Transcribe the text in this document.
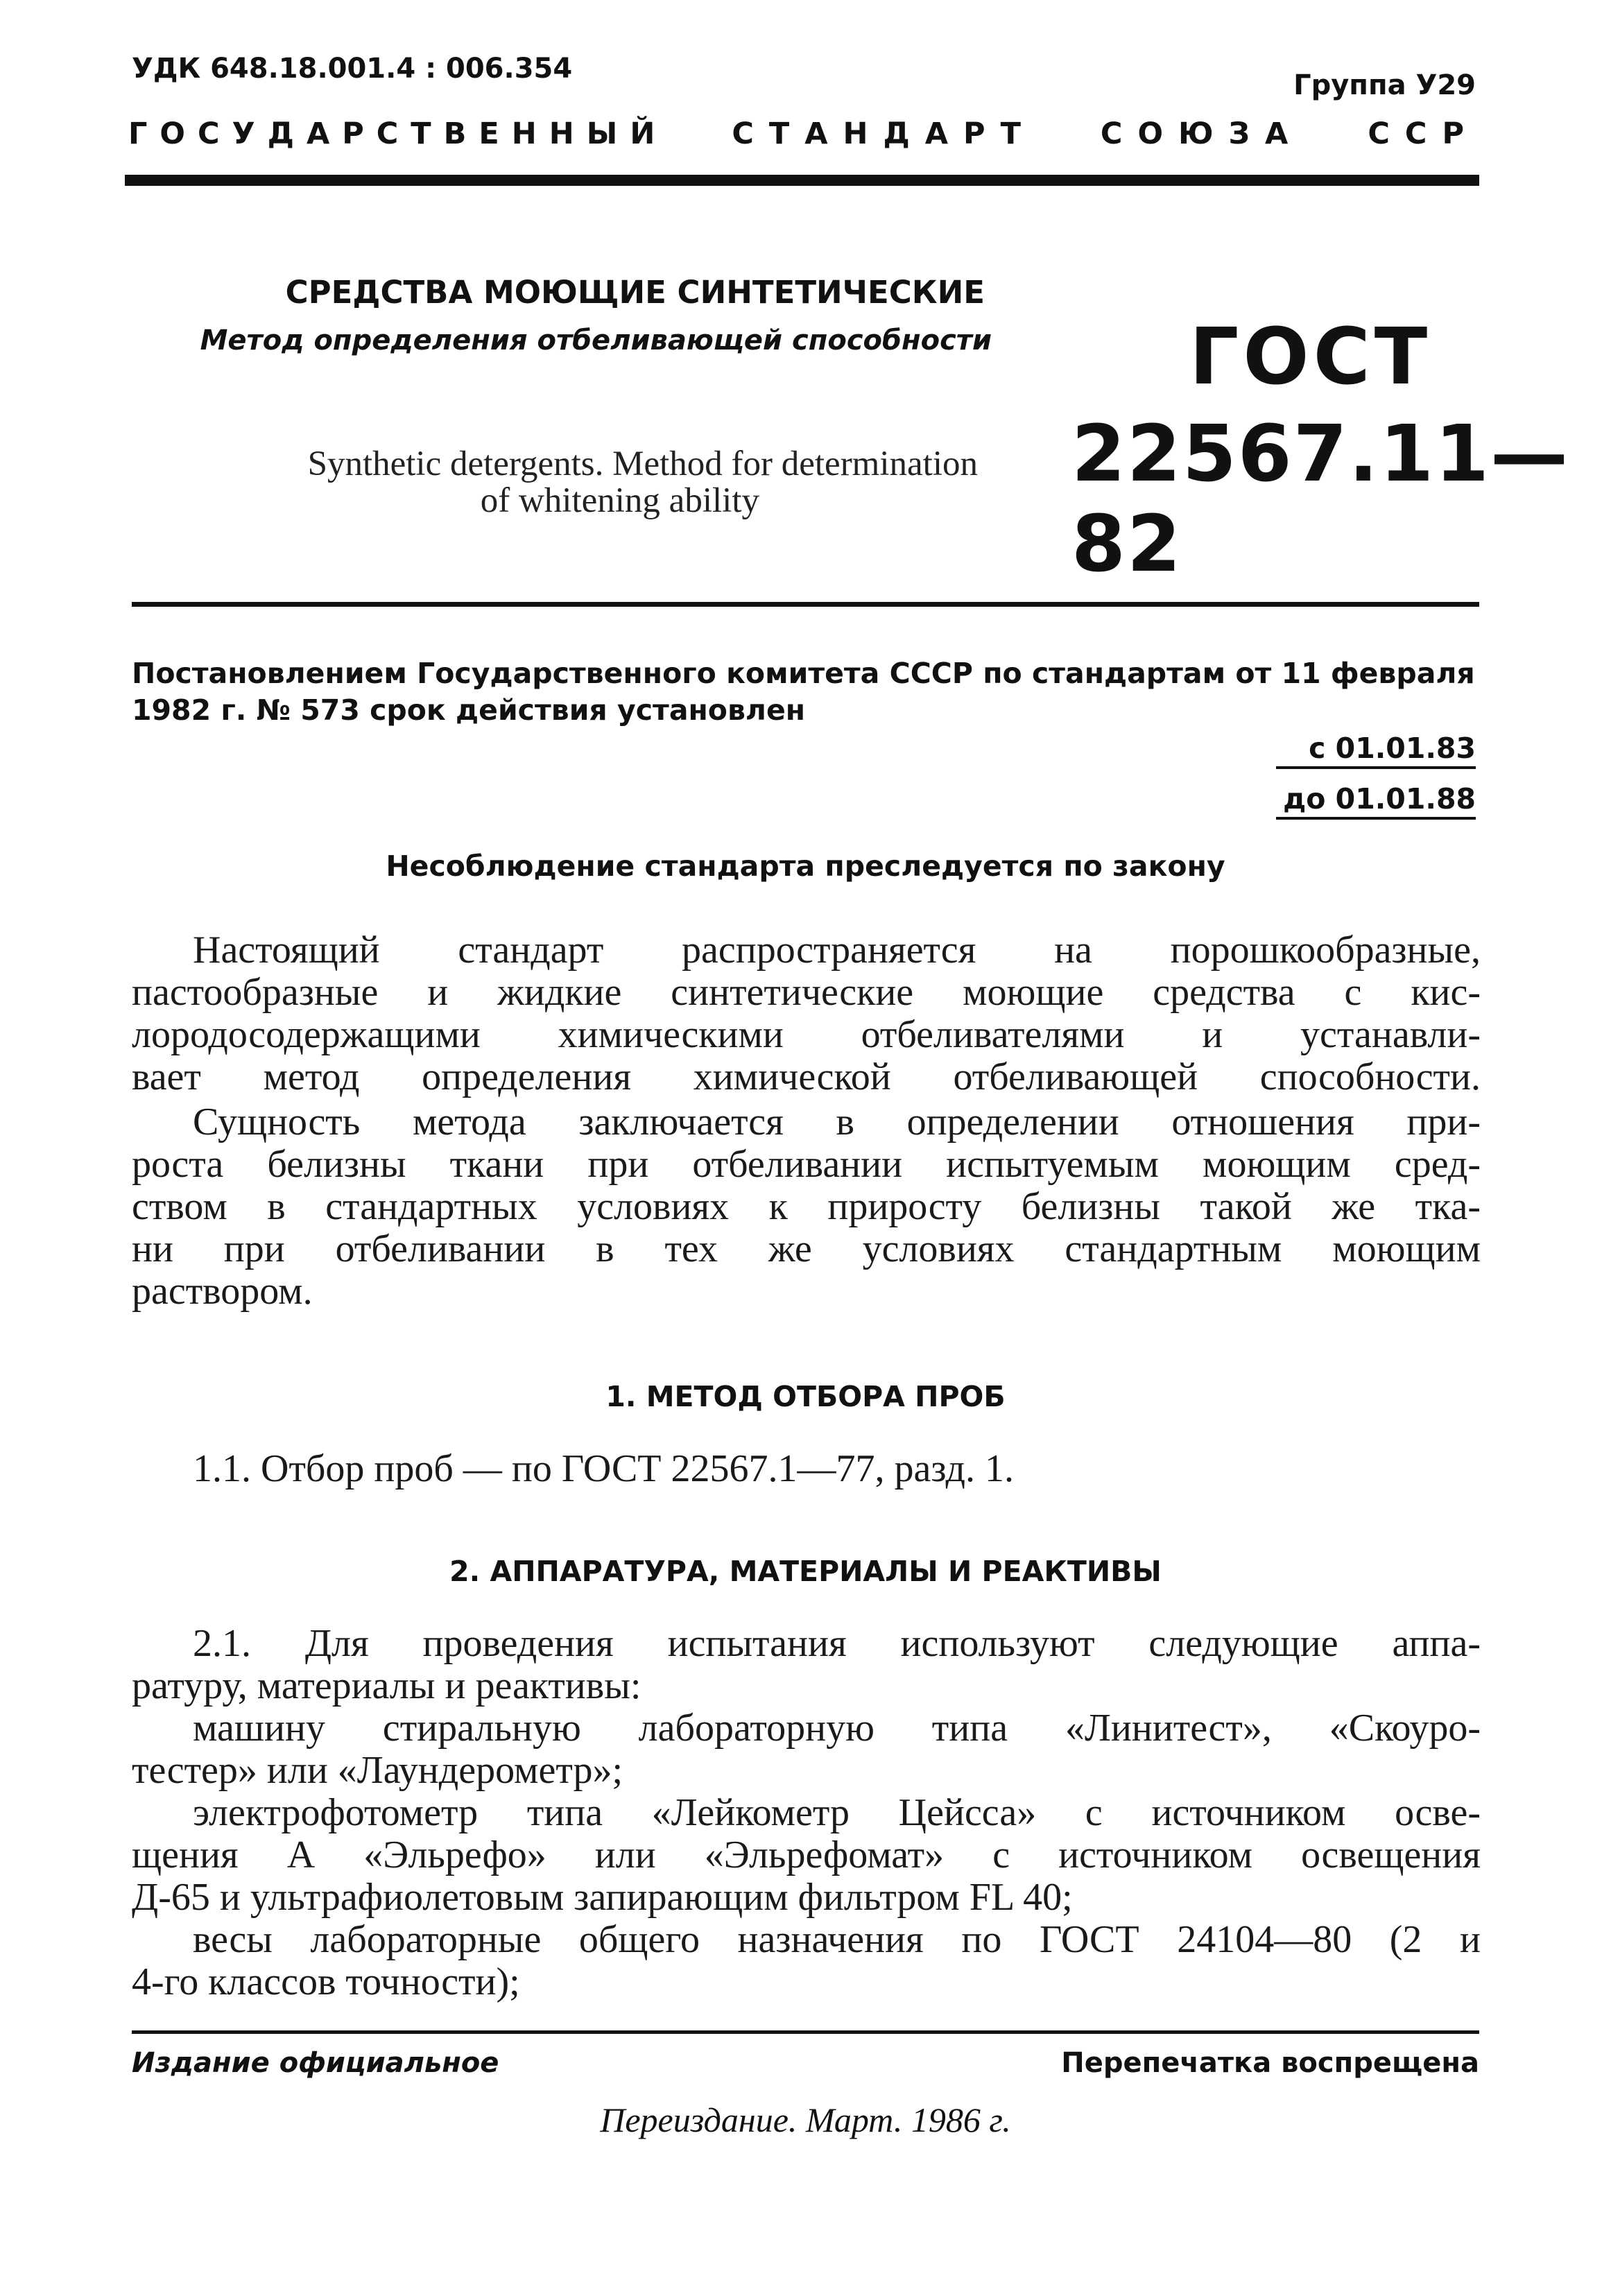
УДК 648.18.001.4 : 006.354
Группа У29
ГОСУДАРСТВЕННЫЙ СТАНДАРТ СОЮЗА ССР
СРЕДСТВА МОЮЩИЕ СИНТЕТИЧЕСКИЕ
Метод определения отбеливающей способности
Synthetic detergents. Method for determination
of whitening ability
ГОСТ
22567.11—82
Постановлением Государственного комитета СССР по стандартам от 11 февраля
1982 г. № 573 срок действия установлен
с 01.01.83
до 01.01.88
Несоблюдение стандарта преследуется по закону
Настоящий стандарт распространяется на порошкообразные,
пастообразные и жидкие синтетические моющие средства с кис-
лородосодержащими химическими отбеливателями и устанавли-
вает метод определения химической отбеливающей способности.
Сущность метода заключается в определении отношения при-
роста белизны ткани при отбеливании испытуемым моющим сред-
ством в стандартных условиях к приросту белизны такой же тка-
ни при отбеливании в тех же условиях стандартным моющим
раствором.
1. МЕТОД ОТБОРА ПРОБ
1.1. Отбор проб — по ГОСТ 22567.1—77, разд. 1.
2. АППАРАТУРА, МАТЕРИАЛЫ И РЕАКТИВЫ
2.1. Для проведения испытания используют следующие аппа-
ратуру, материалы и реактивы:
машину стиральную лабораторную типа «Линитест», «Скоуро-
тестер» или «Лаундерометр»;
электрофотометр типа «Лейкометр Цейсса» с источником осве-
щения А «Эльрефо» или «Эльрефомат» с источником освещения
Д-65 и ультрафиолетовым запирающим фильтром FL 40;
весы лабораторные общего назначения по ГОСТ 24104—80 (2 и
4-го классов точности);
Издание официальное	Перепечатка воспрещена
Переиздание. Март. 1986 г.
